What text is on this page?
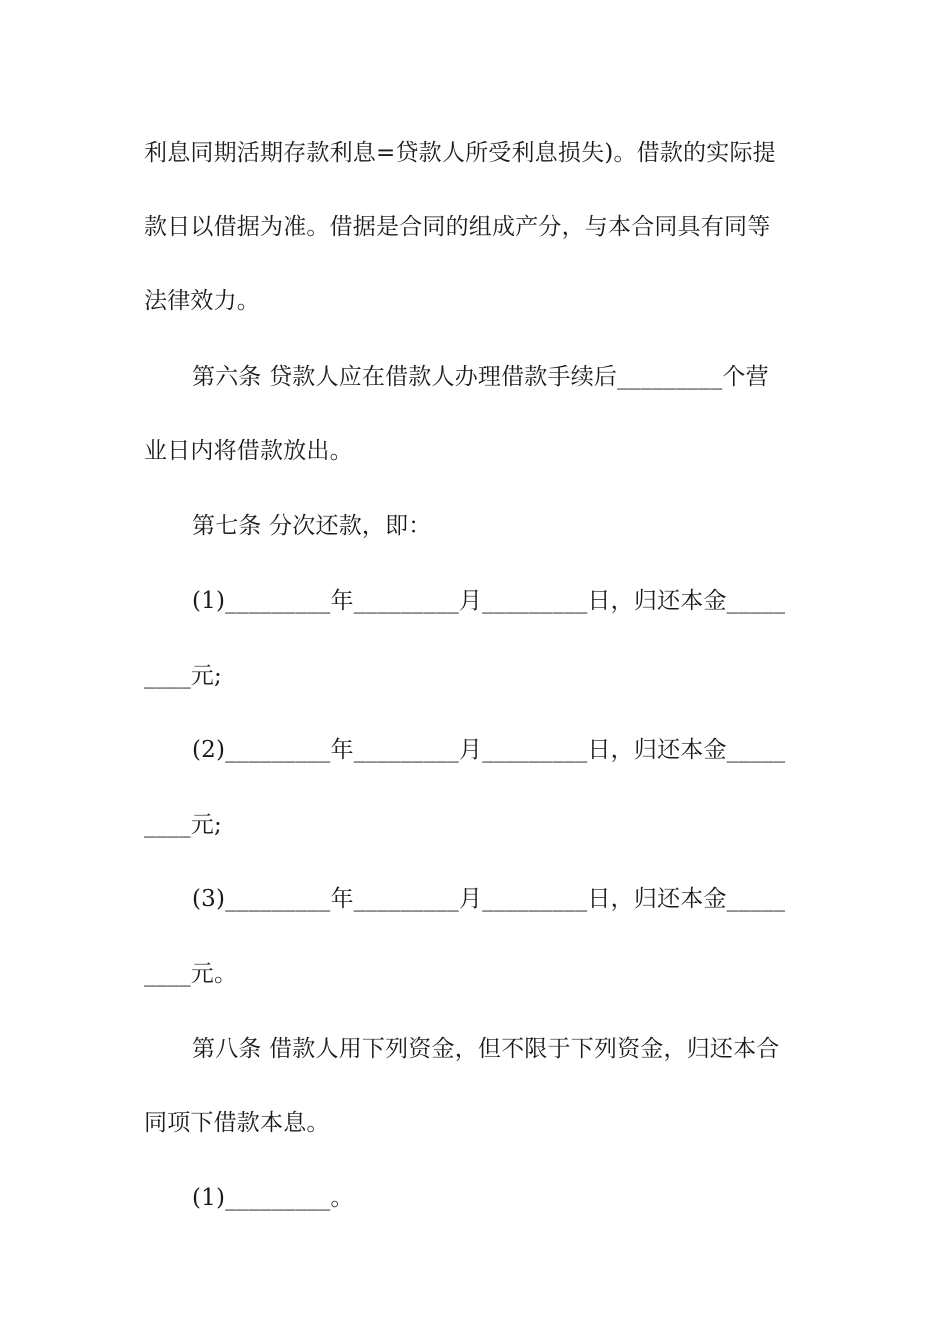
利息同期活期存款利息=贷款人所受利息损失)。借款的实际提
款日以借据为准。借据是合同的组成产分，与本合同具有同等
法律效力。
第六条 贷款人应在借款人办理借款手续后_________个营
业日内将借款放出。
第七条 分次还款，即：
(1)_________年_________月_________日，归还本金_____
____元;
(2)_________年_________月_________日，归还本金_____
____元;
(3)_________年_________月_________日，归还本金_____
____元。
第八条 借款人用下列资金，但不限于下列资金，归还本合
同项下借款本息。
(1)_________。
